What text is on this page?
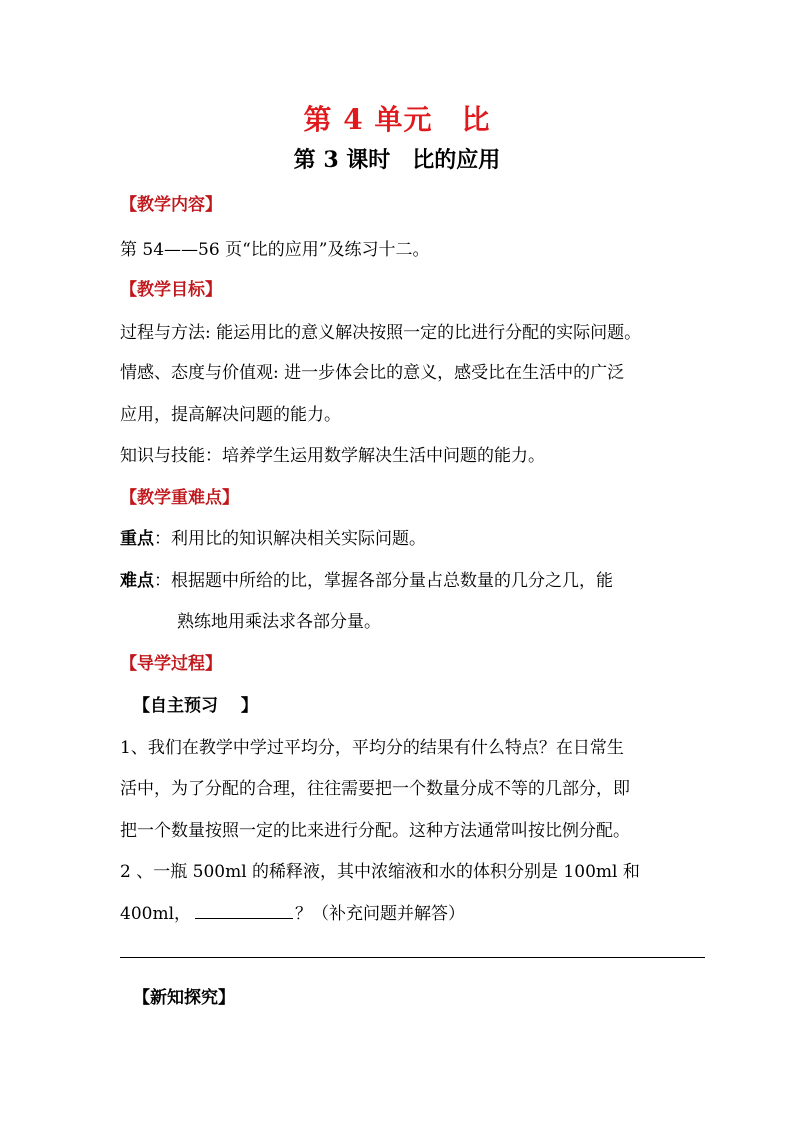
第 4 单元　比
第 3 课时　比的应用
【教学内容】
第 54——56 页“比的应用”及练习十二。
【教学目标】
过程与方法: 能运用比的意义解决按照一定的比进行分配的实际问题。
情感、态度与价值观: 进一步体会比的意义，感受比在生活中的广泛
应用，提高解决问题的能力。
知识与技能：培养学生运用数学解决生活中问题的能力。
【教学重难点】
重点：利用比的知识解决相关实际问题。
难点：根据题中所给的比，掌握各部分量占总数量的几分之几，能
熟练地用乘法求各部分量。
【导学过程】
【自主预习　 】
1、我们在教学中学过平均分，平均分的结果有什么特点？在日常生
活中，为了分配的合理，往往需要把一个数量分成不等的几部分，即
把一个数量按照一定的比来进行分配。这种方法通常叫按比例分配。
2 、一瓶 500ml 的稀释液，其中浓缩液和水的体积分别是 100ml 和
400ml，	？（补充问题并解答）
【新知探究】
